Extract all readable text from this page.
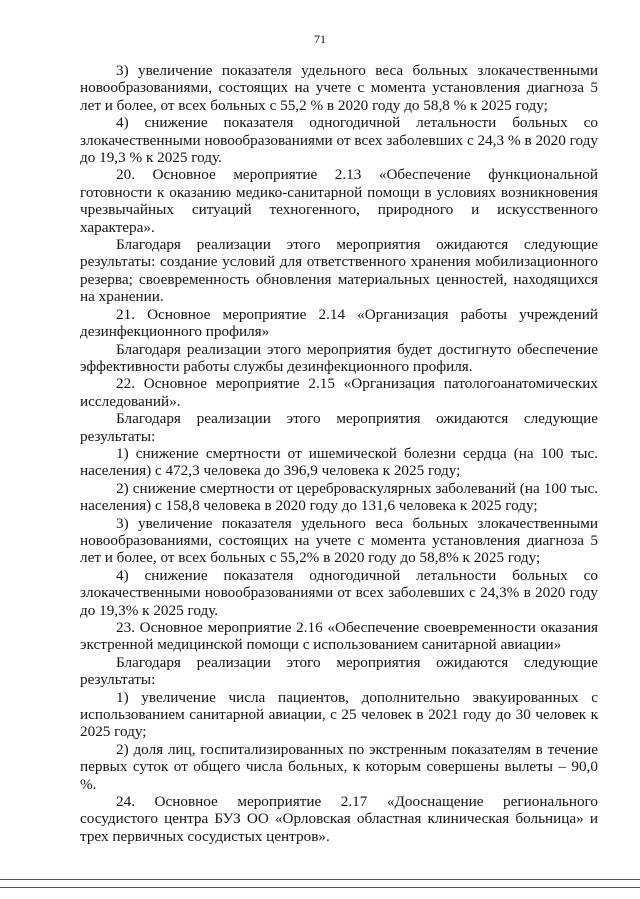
71

3) увеличение показателя удельного веса больных злокачественными новообразованиями, состоящих на учете с момента установления диагноза 5 лет и более, от всех больных с 55,2 % в 2020 году до 58,8 % к 2025 году;

4) снижение показателя одногодичной летальности больных со злокачественными новообразованиями от всех заболевших с 24,3 % в 2020 году до 19,3 % к 2025 году.

20. Основное мероприятие 2.13 «Обеспечение функциональной готовности к оказанию медико-санитарной помощи в условиях возникновения чрезвычайных ситуаций техногенного, природного и искусственного характера».

Благодаря реализации этого мероприятия ожидаются следующие результаты: создание условий для ответственного хранения мобилизационного резерва; своевременность обновления материальных ценностей, находящихся на хранении.

21. Основное мероприятие 2.14 «Организация работы учреждений дезинфекционного профиля»

Благодаря реализации этого мероприятия будет достигнуто обеспечение эффективности работы службы дезинфекционного профиля.

22. Основное мероприятие 2.15 «Организация патологоанатомических исследований».

Благодаря реализации этого мероприятия ожидаются следующие результаты:

1) снижение смертности от ишемической болезни сердца (на 100 тыс. населения) с 472,3 человека до 396,9 человека к 2025 году;

2) снижение смертности от цереброваскулярных заболеваний (на 100 тыс. населения) с 158,8 человека в 2020 году до 131,6 человека к 2025 году;

3) увеличение показателя удельного веса больных злокачественными новообразованиями, состоящих на учете с момента установления диагноза 5 лет и более, от всех больных с 55,2% в 2020 году до 58,8% к 2025 году;

4) снижение показателя одногодичной летальности больных со злокачественными новообразованиями от всех заболевших с 24,3% в 2020 году до 19,3% к 2025 году.

23. Основное мероприятие 2.16 «Обеспечение своевременности оказания экстренной медицинской помощи с использованием санитарной авиации»

Благодаря реализации этого мероприятия ожидаются следующие результаты:

1) увеличение числа пациентов, дополнительно эвакуированных с использованием санитарной авиации, с 25 человек в 2021 году до 30 человек к 2025 году;

2) доля лиц, госпитализированных по экстренным показателям в течение первых суток от общего числа больных, к которым совершены вылеты – 90,0 %.

24. Основное мероприятие 2.17 «Дооснащение регионального сосудистого центра БУЗ ОО «Орловская областная клиническая больница» и трех первичных сосудистых центров».
